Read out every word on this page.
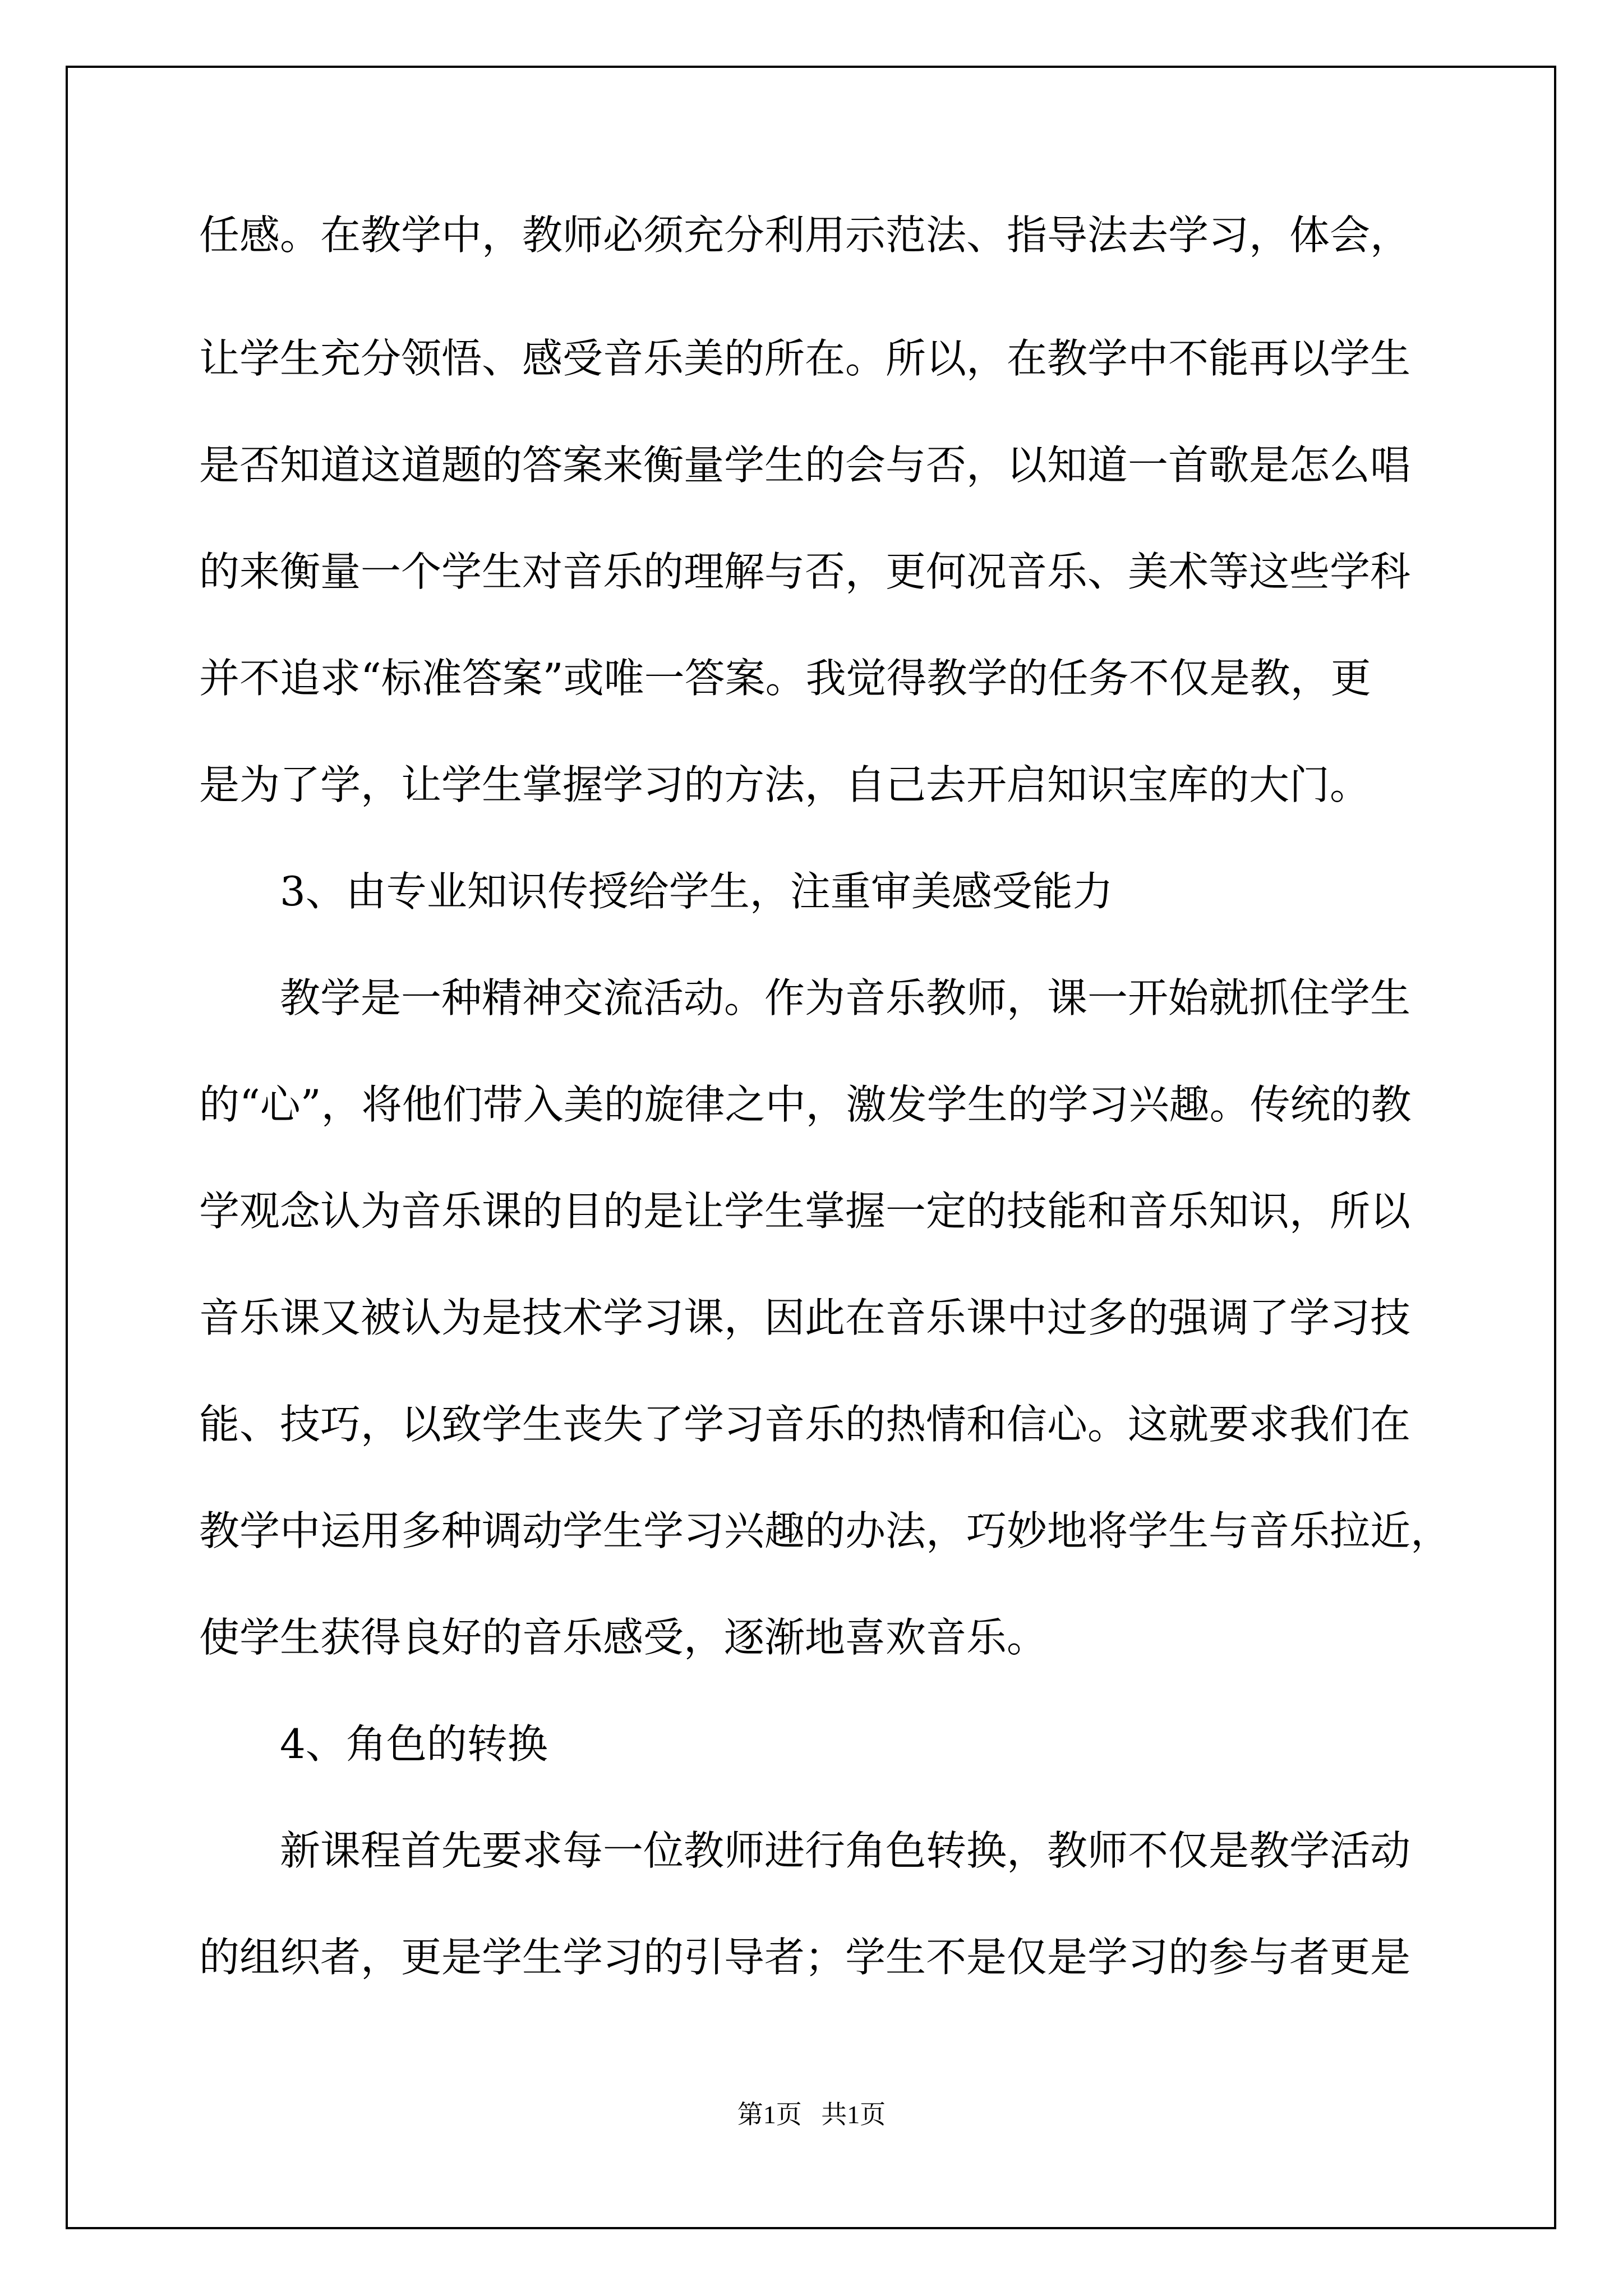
任感。在教学中，教师必须充分利用示范法、指导法去学习，体会，

让学生充分领悟、感受音乐美的所在。所以，在教学中不能再以学生

是否知道这道题的答案来衡量学生的会与否，以知道一首歌是怎么唱

的来衡量一个学生对音乐的理解与否，更何况音乐、美术等这些学科

并不追求“标准答案”或唯一答案。我觉得教学的任务不仅是教，更

是为了学，让学生掌握学习的方法，自己去开启知识宝库的大门。

3、由专业知识传授给学生，注重审美感受能力

教学是一种精神交流活动。作为音乐教师，课一开始就抓住学生

的“心”，将他们带入美的旋律之中，激发学生的学习兴趣。传统的教

学观念认为音乐课的目的是让学生掌握一定的技能和音乐知识，所以

音乐课又被认为是技术学习课，因此在音乐课中过多的强调了学习技

能、技巧，以致学生丧失了学习音乐的热情和信心。这就要求我们在

教学中运用多种调动学生学习兴趣的办法，巧妙地将学生与音乐拉近，

使学生获得良好的音乐感受，逐渐地喜欢音乐。

4、角色的转换

新课程首先要求每一位教师进行角色转换，教师不仅是教学活动

的组织者，更是学生学习的引导者；学生不是仅是学习的参与者更是

第1页   共1页
